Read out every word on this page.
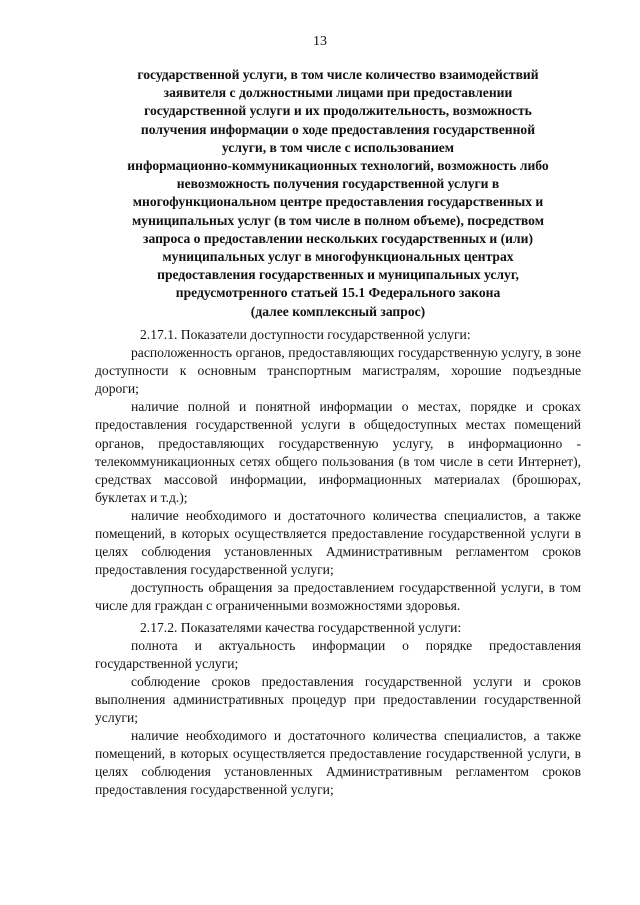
13
государственной услуги, в том числе количество взаимодействий
заявителя с должностными лицами при предоставлении
государственной услуги и их продолжительность, возможность
получения информации о ходе предоставления государственной
услуги, в том числе с использованием
информационно-коммуникационных технологий, возможность либо
невозможность получения государственной услуги в
многофункциональном центре предоставления государственных и
муниципальных услуг (в том числе в полном объеме), посредством
запроса о предоставлении нескольких государственных и (или)
муниципальных услуг в многофункциональных центрах
предоставления государственных и муниципальных услуг,
предусмотренного статьей 15.1 Федерального закона
(далее комплексный запрос)

2.17.1. Показатели доступности государственной услуги:

расположенность органов, предоставляющих государственную услугу, в зоне доступности к основным транспортным магистралям, хорошие подъездные дороги;

наличие полной и понятной информации о местах, порядке и сроках предоставления государственной услуги в общедоступных местах помещений органов, предоставляющих государственную услугу, в информационно - телекоммуникационных сетях общего пользования (в том числе в сети Интернет), средствах массовой информации, информационных материалах (брошюрах, буклетах и т.д.);

наличие необходимого и достаточного количества специалистов, а также помещений, в которых осуществляется предоставление государственной услуги в целях соблюдения установленных Административным регламентом сроков предоставления государственной услуги;

доступность обращения за предоставлением государственной услуги, в том числе для граждан с ограниченными возможностями здоровья.

2.17.2. Показателями качества государственной услуги:

полнота и актуальность информации о порядке предоставления государственной услуги;

соблюдение сроков предоставления государственной услуги и сроков выполнения административных процедур при предоставлении государственной услуги;

наличие необходимого и достаточного количества специалистов, а также помещений, в которых осуществляется предоставление государственной услуги, в целях соблюдения установленных Административным регламентом сроков предоставления государственной услуги;
